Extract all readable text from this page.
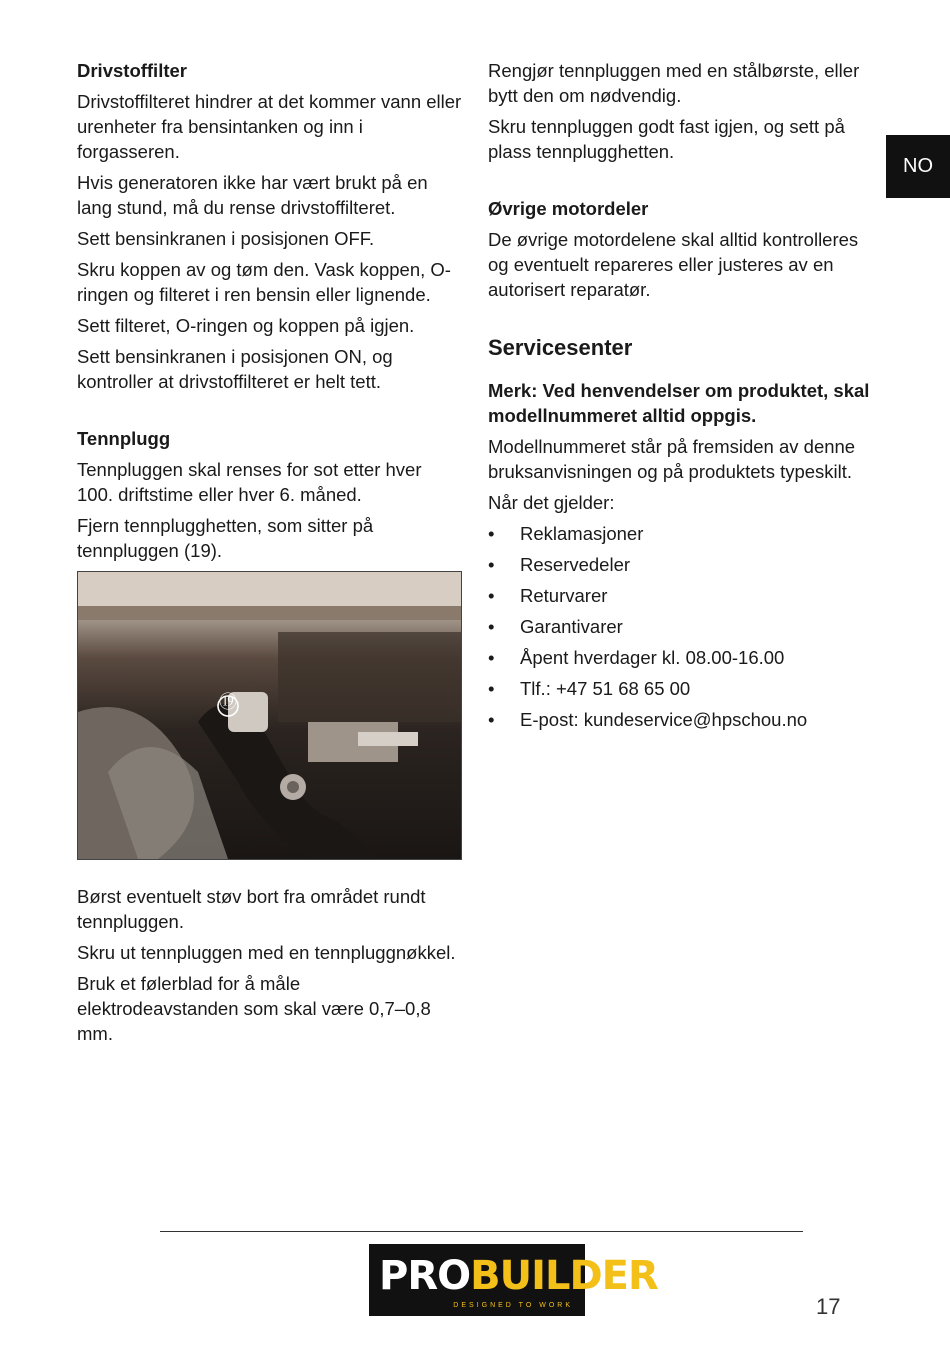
Drivstoffilter

Drivstoffilteret hindrer at det kommer vann eller urenheter fra bensintanken og inn i forgasseren.

Hvis generatoren ikke har vært brukt på en lang stund, må du rense drivstoffilteret.

Sett bensinkranen i posisjonen OFF.

Skru koppen av og tøm den. Vask koppen, O-ringen og filteret i ren bensin eller lignende.

Sett filteret, O-ringen og koppen på igjen.

Sett bensinkranen i posisjonen ON, og kontroller at drivstoffilteret er helt tett.

Tennplugg

Tennpluggen skal renses for sot etter hver 100. driftstime eller hver 6. måned.

Fjern tennplugghetten, som sitter på tennpluggen (19).

⑲

Børst eventuelt støv bort fra området rundt tennpluggen.

Skru ut tennpluggen med en tennpluggnøkkel.

Bruk et følerblad for å måle elektrodeavstanden som skal være 0,7–0,8 mm.

Rengjør tennpluggen med en stålbørste, eller bytt den om nødvendig.

Skru tennpluggen godt fast igjen, og sett på plass tennplugghetten.

Øvrige motordeler

De øvrige motordelene skal alltid kontrolleres og eventuelt repareres eller justeres av en autorisert reparatør.

Servicesenter

Merk: Ved henvendelser om produktet, skal modellnummeret alltid oppgis.

Modellnummeret står på fremsiden av denne bruksanvisningen og på produktets typeskilt.

Når det gjelder:

• Reklamasjoner
• Reservedeler
• Returvarer
• Garantivarer
• Åpent hverdager kl. 08.00-16.00
• Tlf.: +47 51 68 65 00
• E-post: kundeservice@hpschou.no
NO
PROBUILDER
DESIGNED TO WORK	17
